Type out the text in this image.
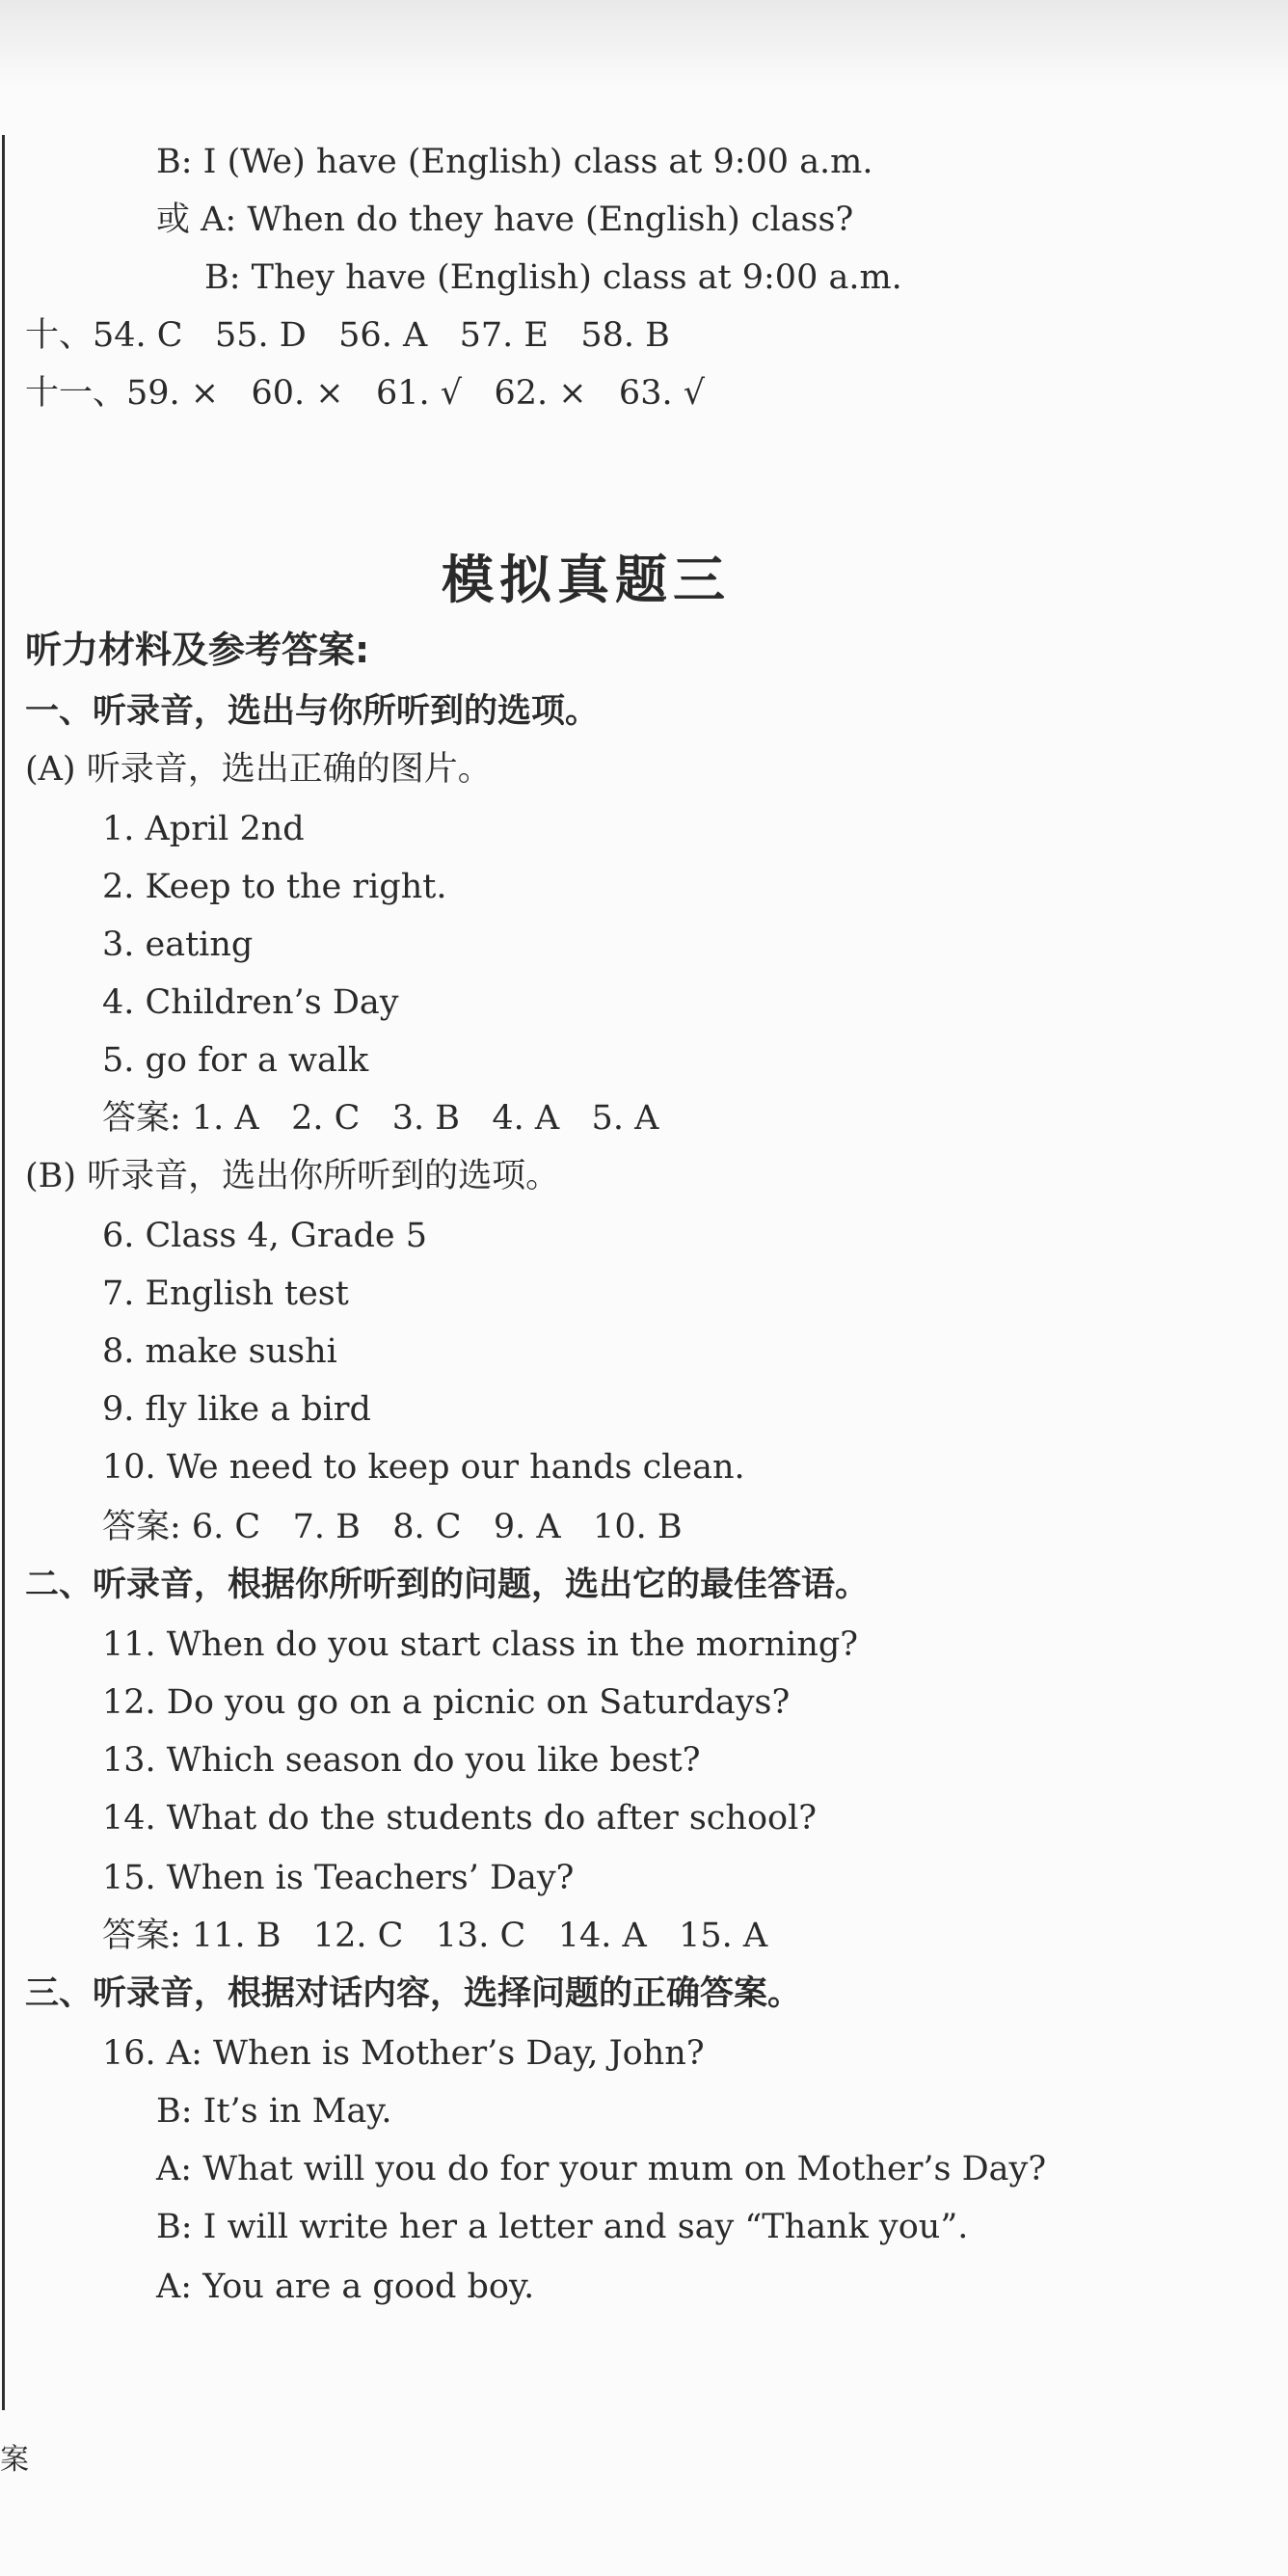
B: I (We) have (English) class at 9:00 a.m.
或 A: When do they have (English) class?
B: They have (English) class at 9:00 a.m.
十、54. C   55. D   56. A   57. E   58. B
十一、59. ×   60. ×   61. √   62. ×   63. √
模拟真题三
听力材料及参考答案:
一、听录音，选出与你所听到的选项。
(A) 听录音，选出正确的图片。
1. April 2nd
2. Keep to the right.
3. eating
4. Children’s Day
5. go for a walk
答案: 1. A   2. C   3. B   4. A   5. A
(B) 听录音，选出你所听到的选项。
6. Class 4, Grade 5
7. English test
8. make sushi
9. fly like a bird
10. We need to keep our hands clean.
答案: 6. C   7. B   8. C   9. A   10. B
二、听录音，根据你所听到的问题，选出它的最佳答语。
11. When do you start class in the morning?
12. Do you go on a picnic on Saturdays?
13. Which season do you like best?
14. What do the students do after school?
15. When is Teachers’ Day?
答案: 11. B   12. C   13. C   14. A   15. A
三、听录音，根据对话内容，选择问题的正确答案。
16. A: When is Mother’s Day, John?
B: It’s in May.
A: What will you do for your mum on Mother’s Day?
B: I will write her a letter and say “Thank you”.
A: You are a good boy.
案
